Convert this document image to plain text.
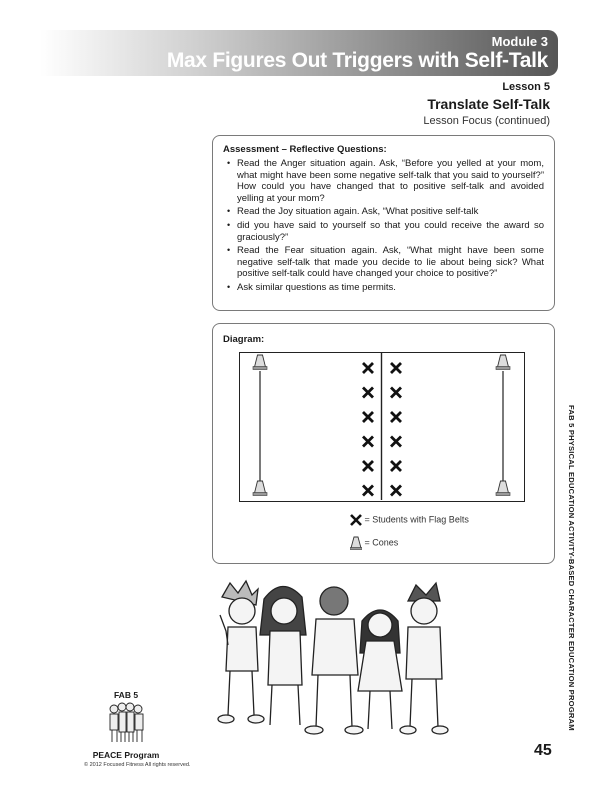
Module 3
Max Figures Out Triggers with Self-Talk
Lesson 5
Translate Self-Talk
Lesson Focus (continued)
Assessment – Reflective Questions:
• Read the Anger situation again. Ask, “Before you yelled at your mom, what might have been some negative self-talk that you said to yourself?” How could you have changed that to positive self-talk and avoided yelling at your mom?
• Read the Joy situation again. Ask, “What positive self-talk
• did you have said to yourself so that you could receive the award so graciously?”
• Read the Fear situation again. Ask, “What might have been some negative self-talk that made you decide to lie about being sick? What positive self-talk could have changed your choice to positive?”
• Ask similar questions as time permits.
Diagram:
= Students with Flag Belts
= Cones
FAB 5
PEACE Program
© 2012 Focused Fitness All rights reserved.
45
FAB 5 PHYSICAL EDUCATION ACTIVITY-BASED CHARACTER EDUCATION PROGRAM
